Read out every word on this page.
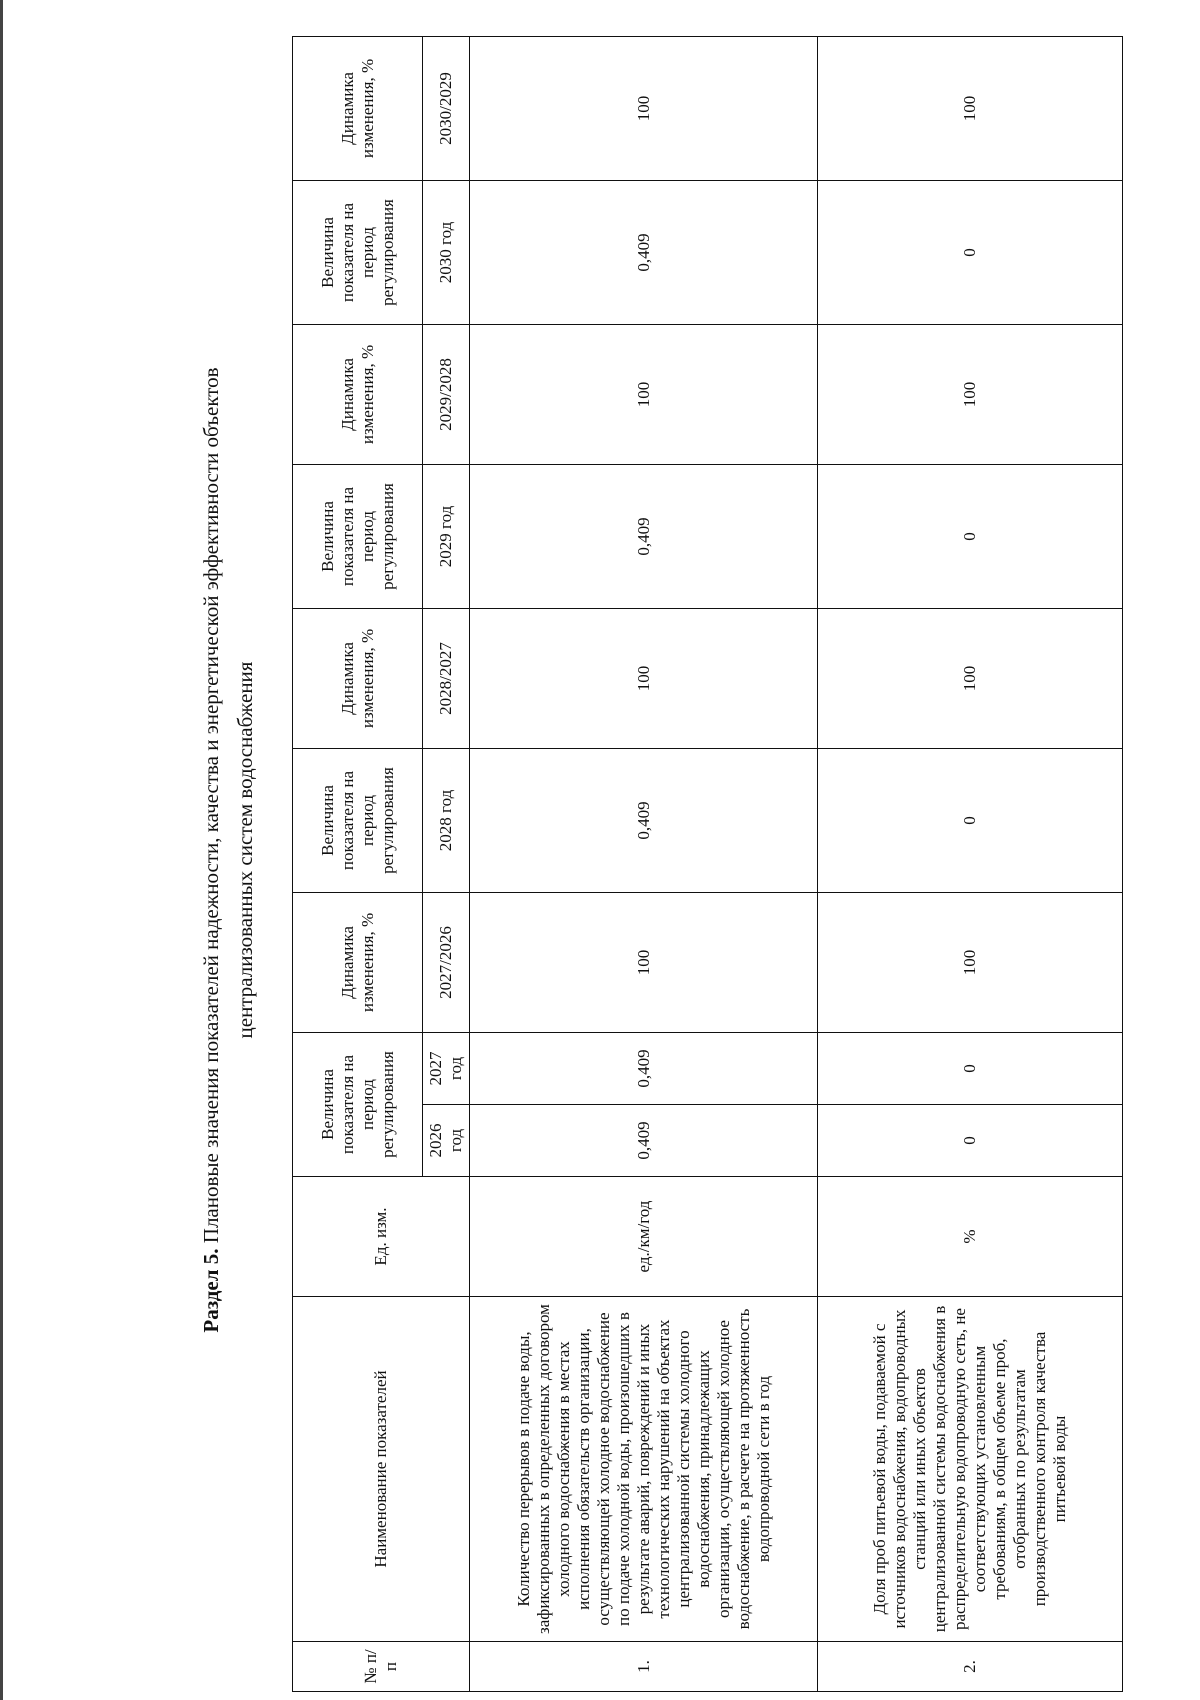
Раздел 5. Плановые значения показателей надежности, качества и энергетической эффективности объектов централизованных систем водоснабжения
№ п/п	Наименование показателей	Ед. изм.	Величина показателя на период регулирования		Динамика изменения, %	Величина показателя на период регулирования	Динамика изменения, %	Величина показателя на период регулирования	Динамика изменения, %	Величина показателя на период регулирования	Динамика изменения, %
			2026 год	2027 год	2027/2026	2028 год	2028/2027	2029 год	2029/2028	2030 год	2030/2029
1.	Количество перерывов в подаче воды, зафиксированных в определенных договором холодного водоснабжения в местах исполнения обязательств организации, осуществляющей холодное водоснабжение по подаче холодной воды, произошедших в результате аварий, повреждений и иных технологических нарушений на объектах централизованной системы холодного водоснабжения, принадлежащих организации, осуществляющей холодное водоснабжение, в расчете на протяженность водопроводной сети в год	ед./км/год	0,409	0,409	100	0,409	100	0,409	100	0,409	100
2.	Доля проб питьевой воды, подаваемой с источников водоснабжения, водопроводных станций или иных объектов централизованной системы водоснабжения в распределительную водопроводную сеть, не соответствующих установленным требованиям, в общем объеме проб, отобранных по результатам производственного контроля качества питьевой воды	%	0	0	100	0	100	0	100	0	100
